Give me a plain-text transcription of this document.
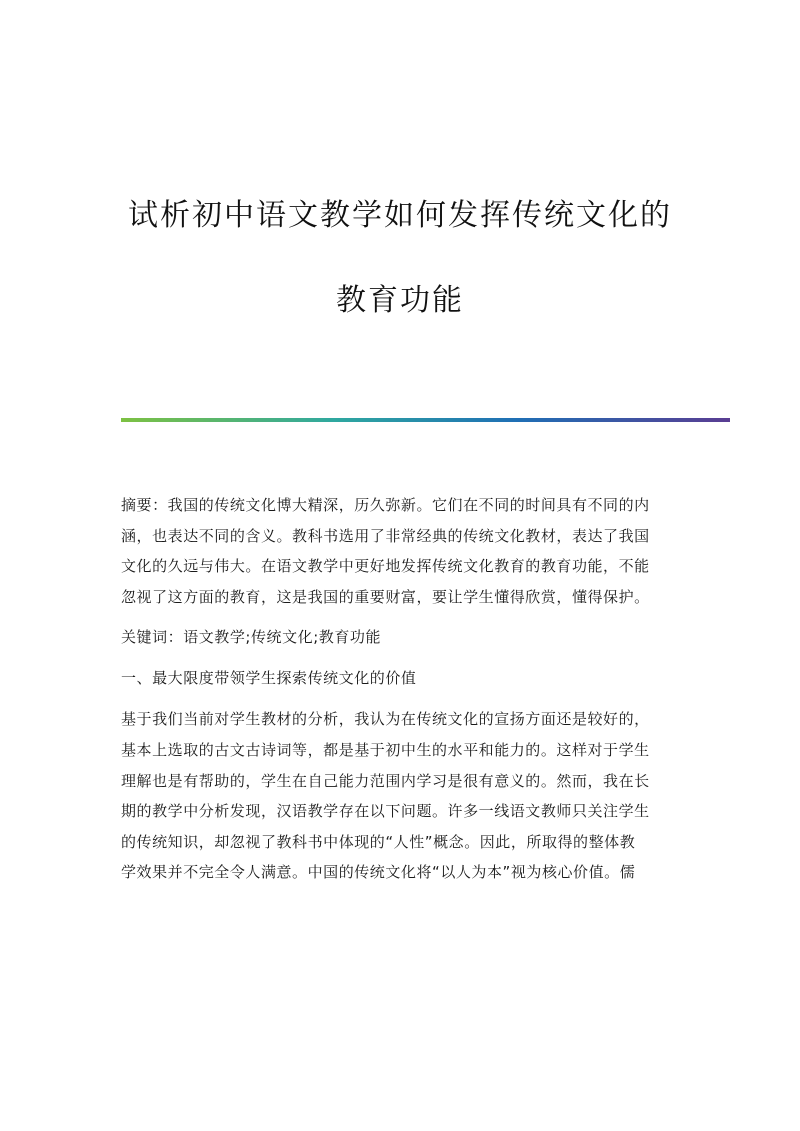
试析初中语文教学如何发挥传统文化的
教育功能

摘要：我国的传统文化博大精深，历久弥新。它们在不同的时间具有不同的内
涵，也表达不同的含义。教科书选用了非常经典的传统文化教材，表达了我国
文化的久远与伟大。在语文教学中更好地发挥传统文化教育的教育功能，不能
忽视了这方面的教育，这是我国的重要财富，要让学生懂得欣赏，懂得保护。

关键词：语文教学;传统文化;教育功能

一、最大限度带领学生探索传统文化的价值

基于我们当前对学生教材的分析，我认为在传统文化的宣扬方面还是较好的，
基本上选取的古文古诗词等，都是基于初中生的水平和能力的。这样对于学生
理解也是有帮助的，学生在自己能力范围内学习是很有意义的。然而，我在长
期的教学中分析发现，汉语教学存在以下问题。许多一线语文教师只关注学生
的传统知识，却忽视了教科书中体现的“人性”概念。因此，所取得的整体教
学效果并不完全令人满意。中国的传统文化将“以人为本”视为核心价值。儒
